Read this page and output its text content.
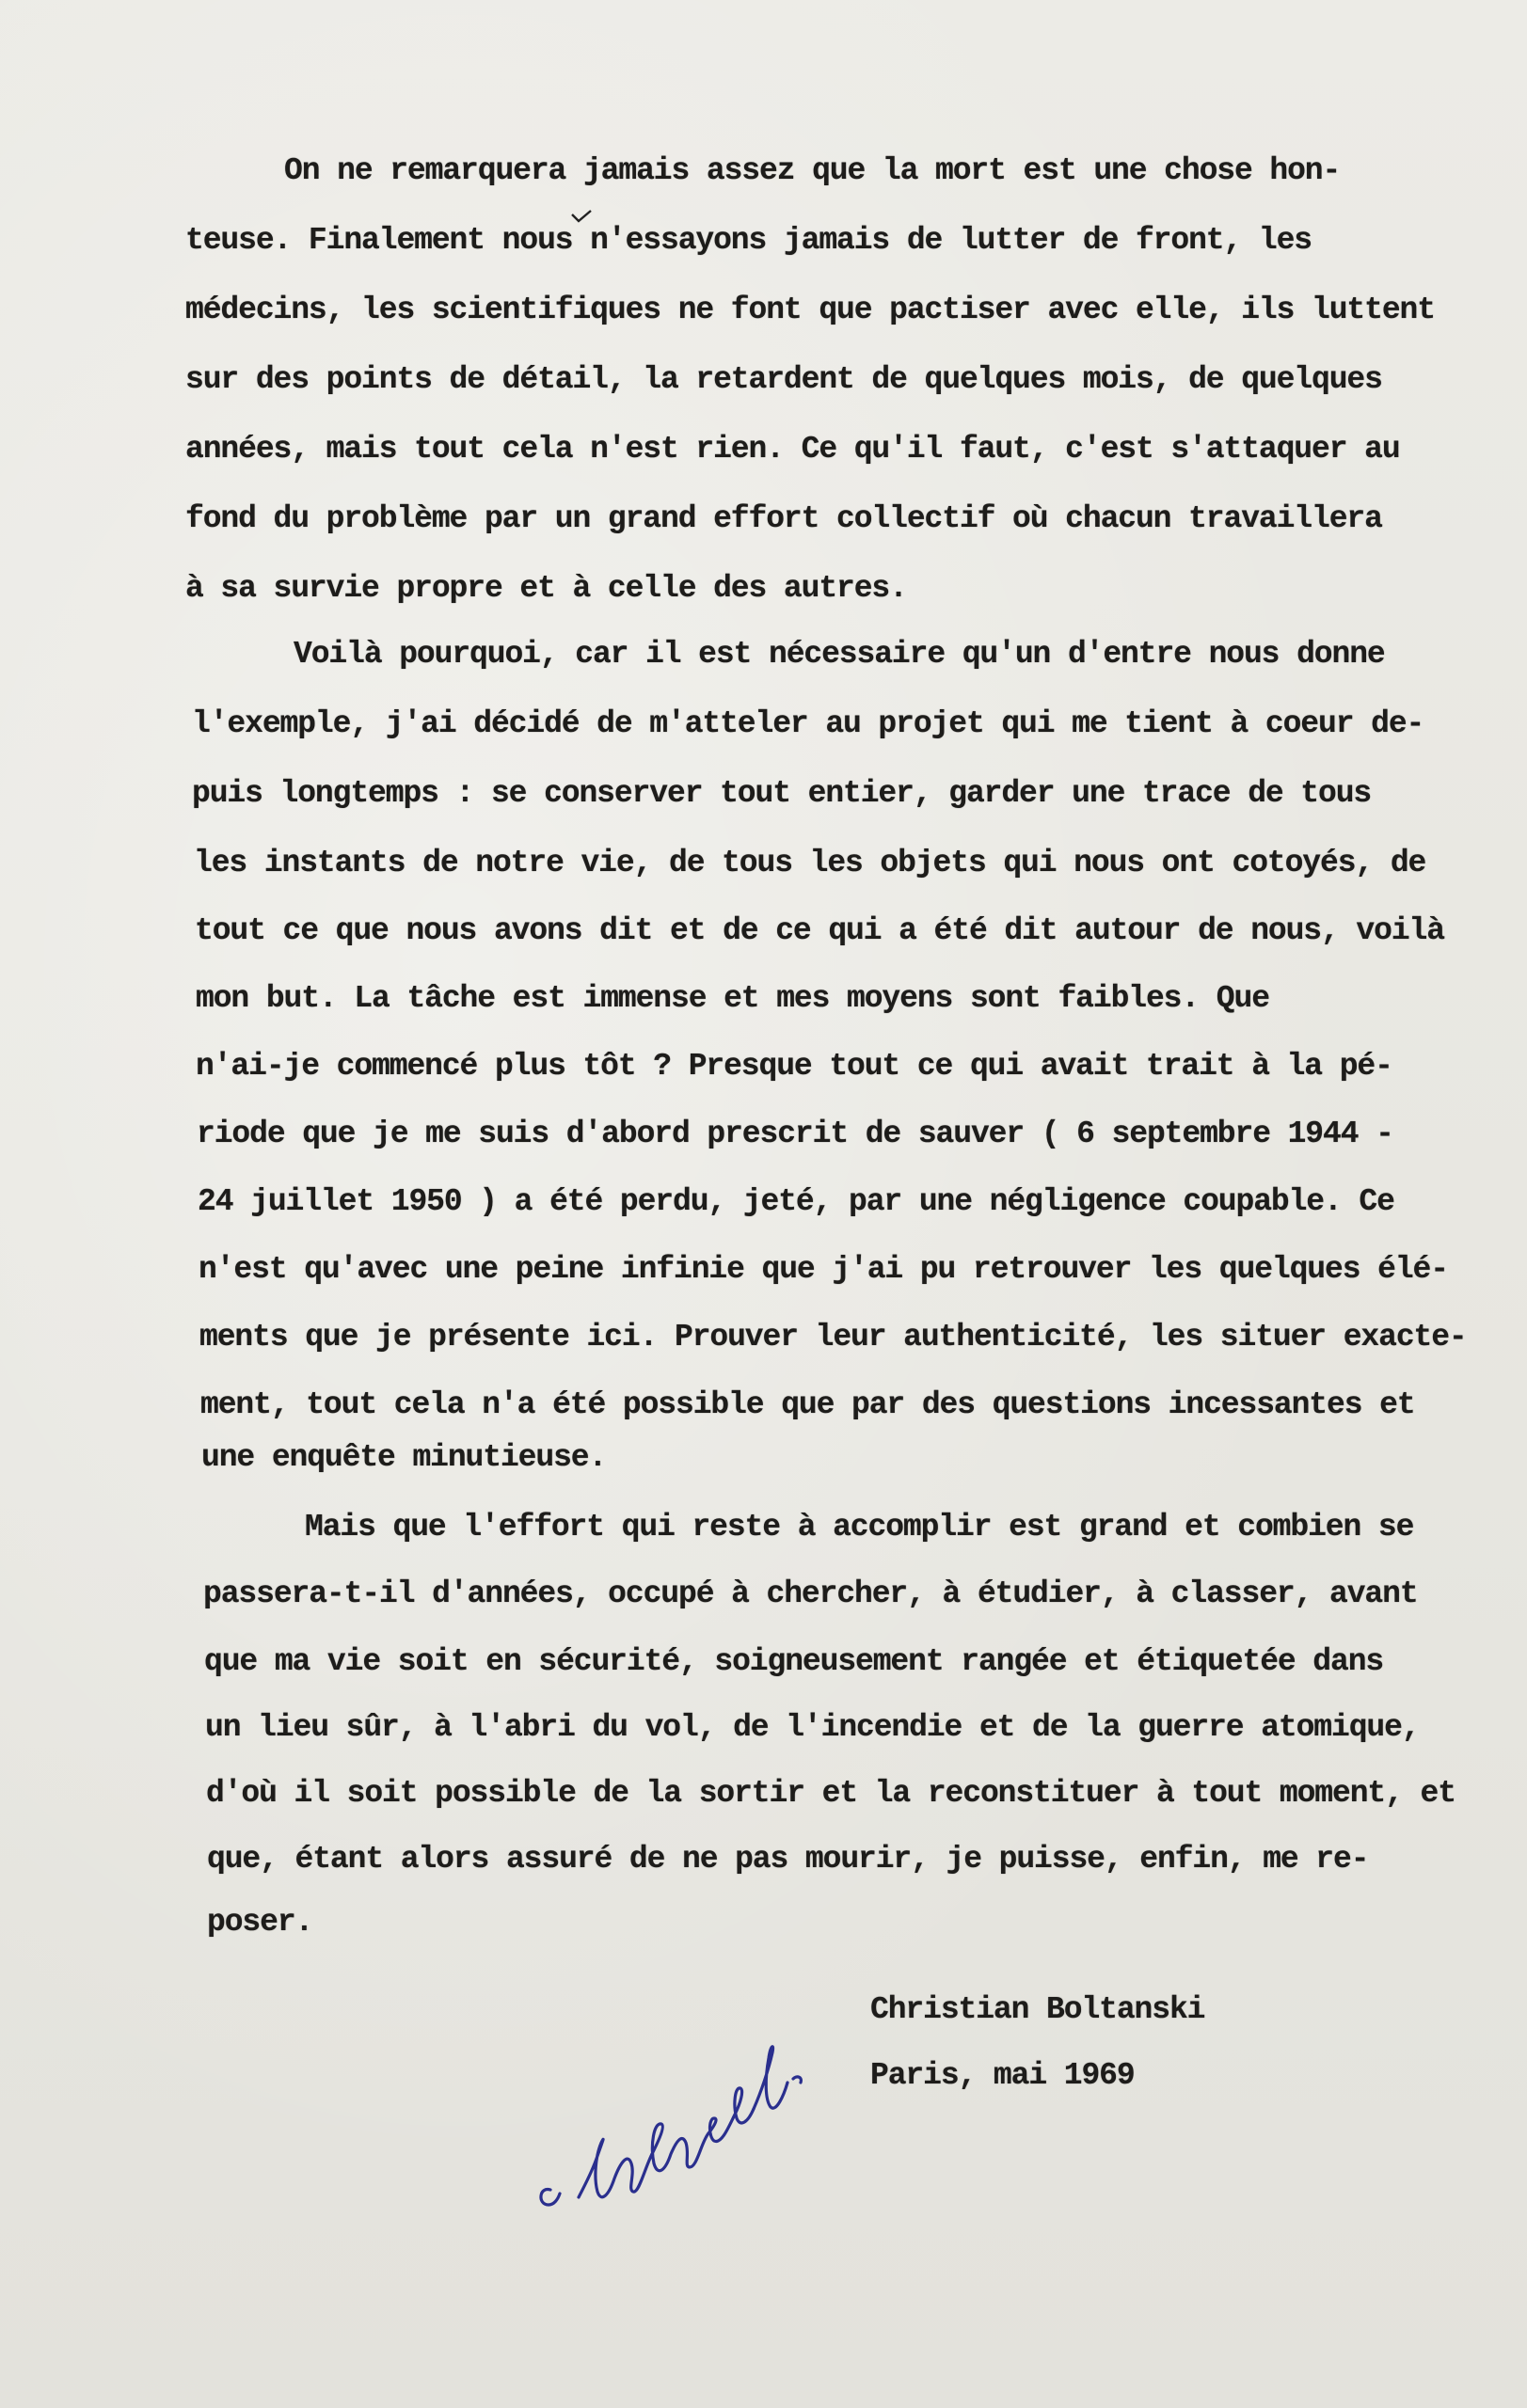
On ne remarquera jamais assez que la mort est une chose hon-

teuse. Finalement nous n'essayons jamais de lutter de front, les

médecins, les scientifiques ne font que pactiser avec elle, ils luttent

sur des points de détail, la retardent de quelques mois, de quelques

années, mais tout cela n'est rien. Ce qu'il faut, c'est s'attaquer au

fond du problème par un grand effort collectif où chacun travaillera

à sa survie propre et à celle des autres.

Voilà pourquoi, car il est nécessaire qu'un d'entre nous donne

l'exemple, j'ai décidé de m'atteler au projet qui me tient à coeur de-

puis longtemps : se conserver tout entier, garder une trace de tous

les instants de notre vie, de tous les objets qui nous ont cotoyés, de

tout ce que nous avons dit et de ce qui a été dit autour de nous, voilà

mon but. La tâche est immense et mes moyens sont faibles. Que

n'ai-je commencé plus tôt ? Presque tout ce qui avait trait à la pé-

riode que je me suis d'abord prescrit de sauver ( 6 septembre 1944 -

24 juillet 1950 ) a été perdu, jeté, par une négligence coupable. Ce

n'est qu'avec une peine infinie que j'ai pu retrouver les quelques élé-

ments que je présente ici. Prouver leur authenticité, les situer exacte-

ment, tout cela n'a été possible que par des questions incessantes et

une enquête minutieuse.

Mais que l'effort qui reste à accomplir est grand et combien se

passera-t-il d'années, occupé à chercher, à étudier, à classer, avant

que ma vie soit en sécurité, soigneusement rangée et étiquetée dans

un lieu sûr, à l'abri du vol, de l'incendie et de la guerre atomique,

d'où il soit possible de la sortir et la reconstituer à tout moment, et

que, étant alors assuré de ne pas mourir, je puisse, enfin, me re-

poser.

Christian Boltanski

Paris, mai 1969
